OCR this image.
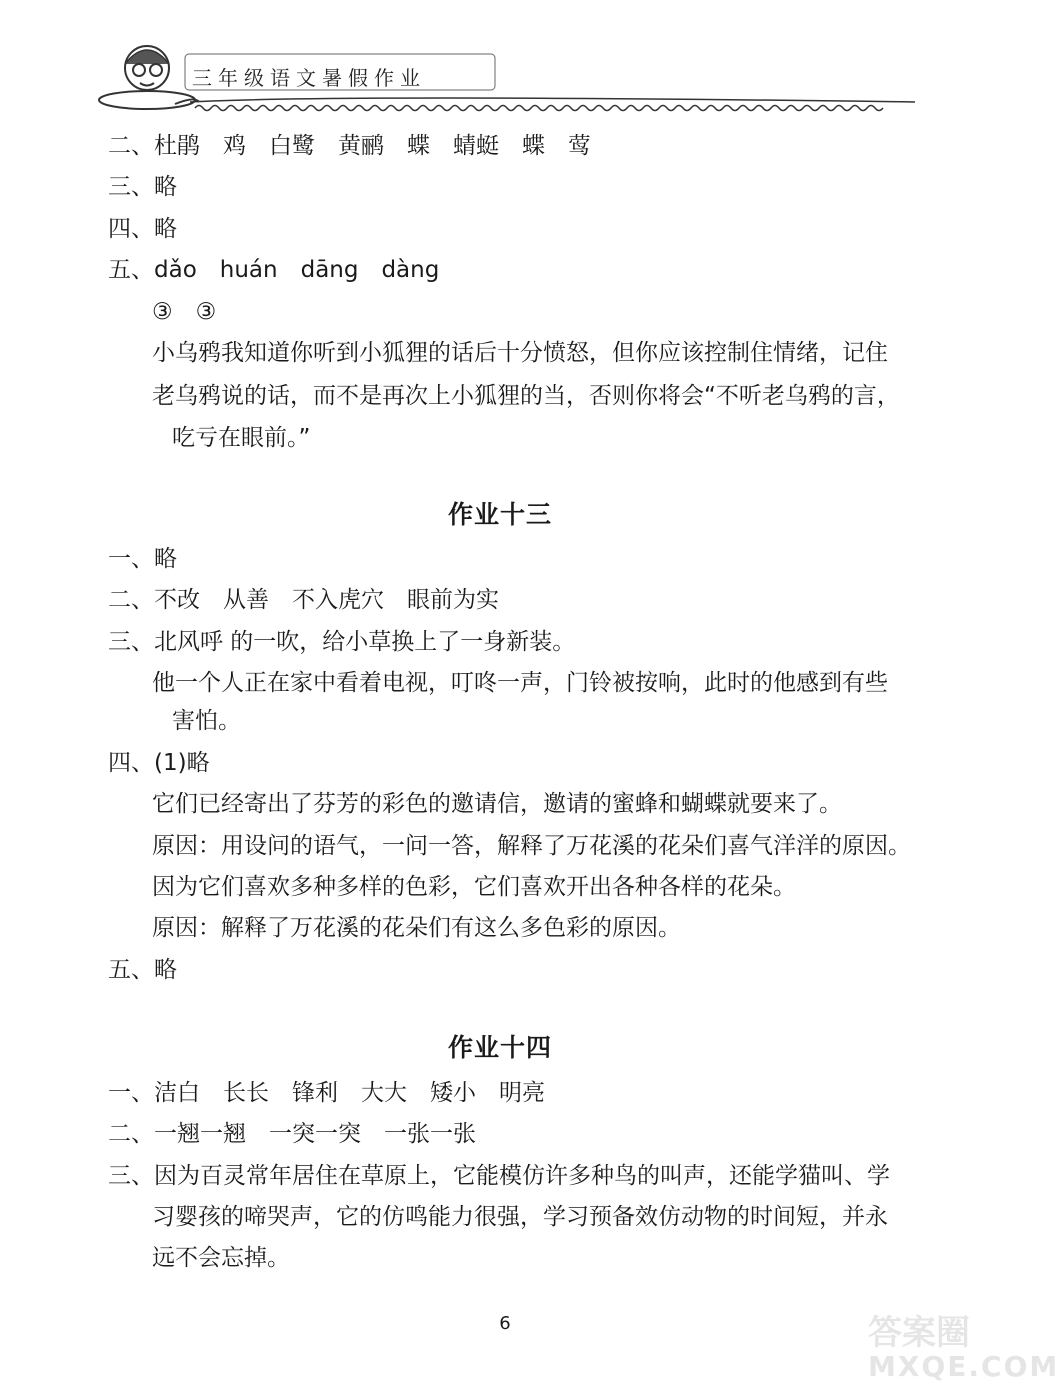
三年级语文暑假作业
二、杜鹃　鸡　白鹭　黄鹂　蝶　蜻蜓　蝶　莺
三、略
四、略
五、dǎo　huán　dāng　dàng
③　③
小乌鸦我知道你听到小狐狸的话后十分愤怒，但你应该控制住情绪，记住
老乌鸦说的话，而不是再次上小狐狸的当，否则你将会“不听老乌鸦的言，
吃亏在眼前。”
作业十三
一、略
二、不改　从善　不入虎穴　眼前为实
三、北风呼 的一吹，给小草换上了一身新装。
他一个人正在家中看着电视，叮咚一声，门铃被按响，此时的他感到有些
害怕。
四、(1)略
它们已经寄出了芬芳的彩色的邀请信，邀请的蜜蜂和蝴蝶就要来了。
原因：用设问的语气，一问一答，解释了万花溪的花朵们喜气洋洋的原因。
因为它们喜欢多种多样的色彩，它们喜欢开出各种各样的花朵。
原因：解释了万花溪的花朵们有这么多色彩的原因。
五、略
作业十四
一、洁白　长长　锋利　大大　矮小　明亮
二、一翘一翘　一突一突　一张一张
三、因为百灵常年居住在草原上，它能模仿许多种鸟的叫声，还能学猫叫、学
习婴孩的啼哭声，它的仿鸣能力很强，学习预备效仿动物的时间短，并永
远不会忘掉。
6	答案圈
MXQE.COM
